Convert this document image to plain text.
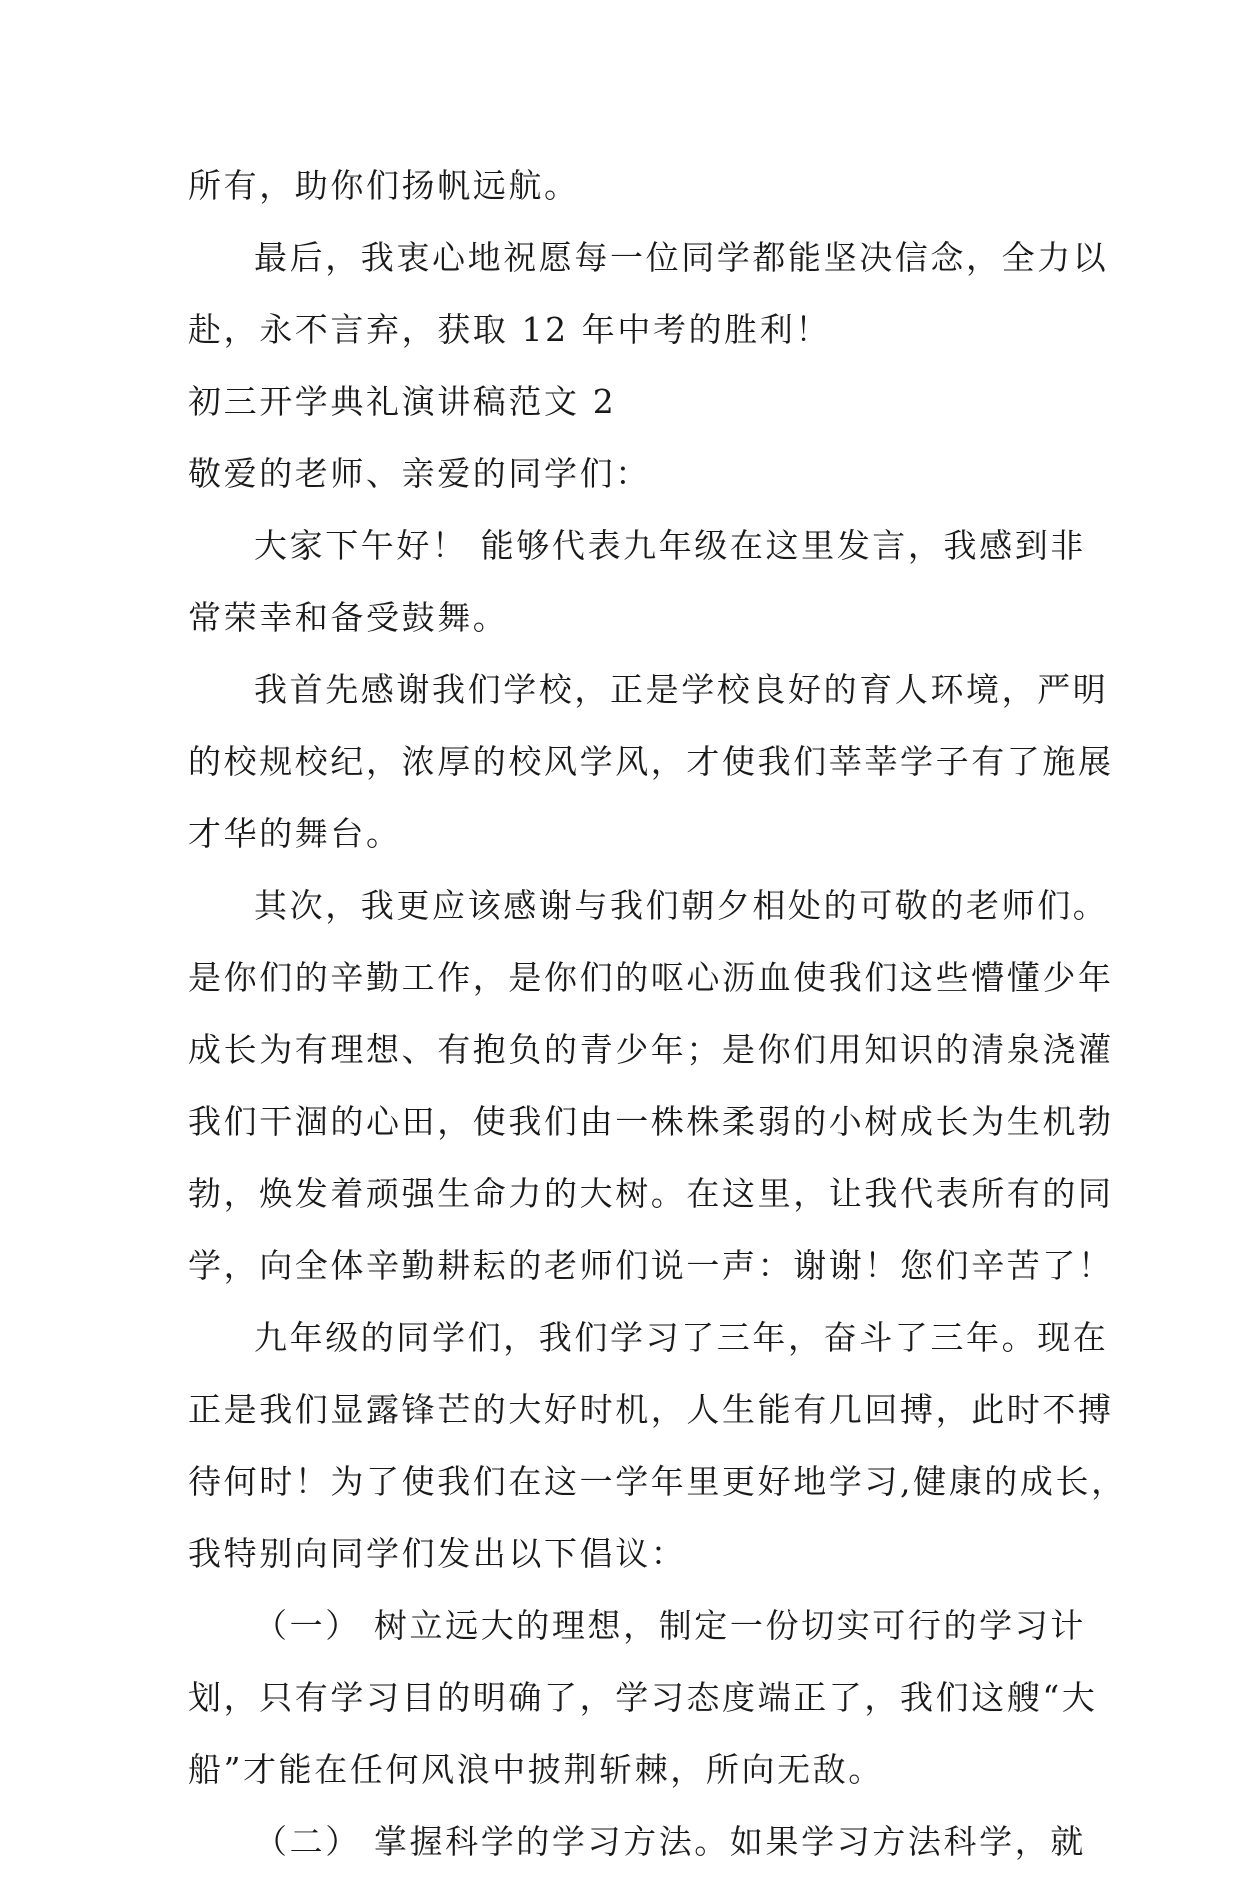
所有，助你们扬帆远航。
最后，我衷心地祝愿每一位同学都能坚决信念，全力以
赴，永不言弃，获取 12 年中考的胜利！
初三开学典礼演讲稿范文 2
敬爱的老师、亲爱的同学们：
大家下午好！ 能够代表九年级在这里发言，我感到非
常荣幸和备受鼓舞。
我首先感谢我们学校，正是学校良好的育人环境，严明
的校规校纪，浓厚的校风学风，才使我们莘莘学子有了施展
才华的舞台。
其次，我更应该感谢与我们朝夕相处的可敬的老师们。
是你们的辛勤工作，是你们的呕心沥血使我们这些懵懂少年
成长为有理想、有抱负的青少年；是你们用知识的清泉浇灌
我们干涸的心田，使我们由一株株柔弱的小树成长为生机勃
勃，焕发着顽强生命力的大树。在这里，让我代表所有的同
学，向全体辛勤耕耘的老师们说一声：谢谢！您们辛苦了！
九年级的同学们，我们学习了三年，奋斗了三年。现在
正是我们显露锋芒的大好时机，人生能有几回搏，此时不搏
待何时！为了使我们在这一学年里更好地学习,健康的成长，
我特别向同学们发出以下倡议：
（一） 树立远大的理想，制定一份切实可行的学习计
划，只有学习目的明确了，学习态度端正了，我们这艘“大
船”才能在任何风浪中披荆斩棘，所向无敌。
（二） 掌握科学的学习方法。如果学习方法科学，就
